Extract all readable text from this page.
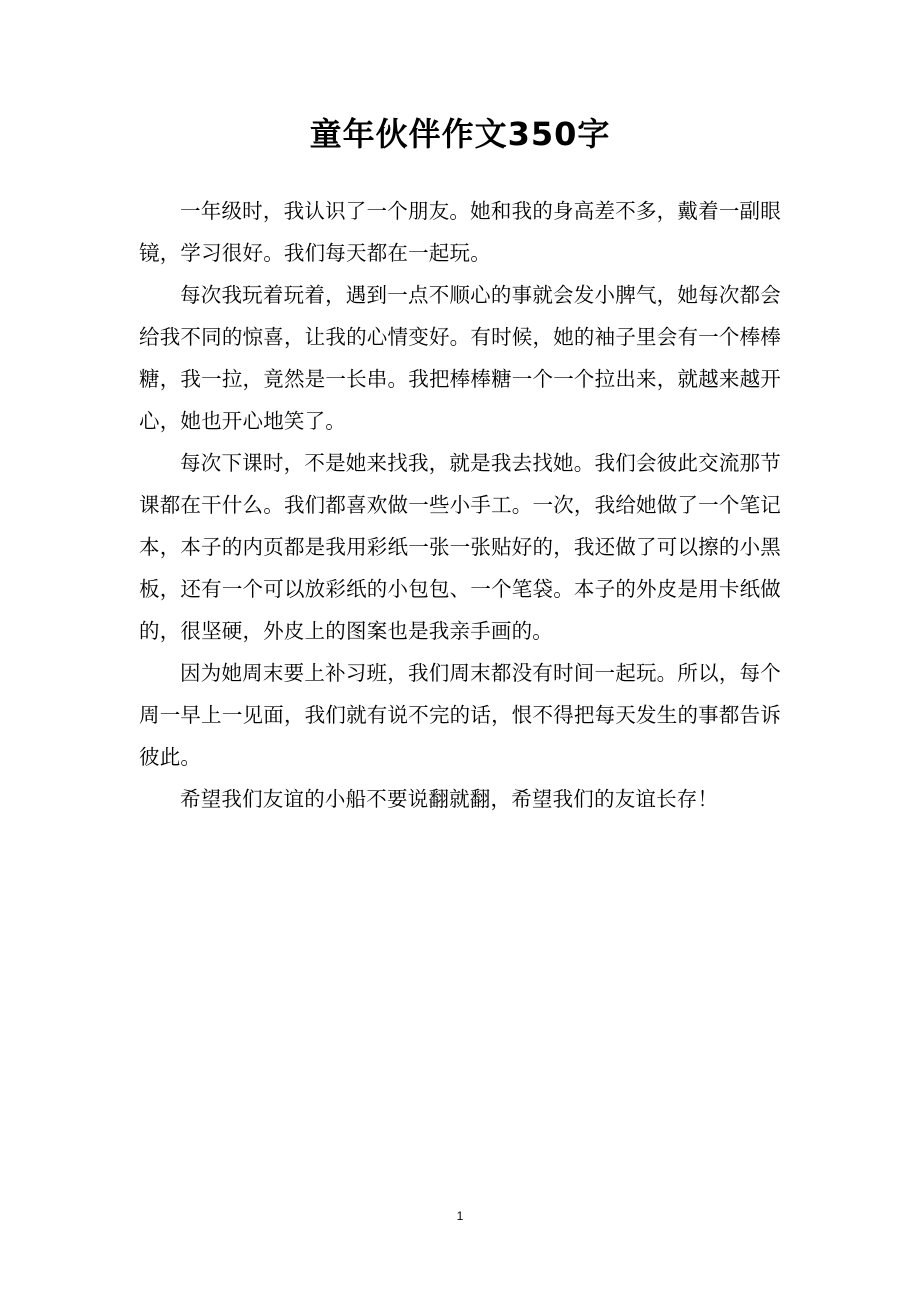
童年伙伴作文350字

一年级时，我认识了一个朋友。她和我的身高差不多，戴着一副眼镜，学习很好。我们每天都在一起玩。

每次我玩着玩着，遇到一点不顺心的事就会发小脾气，她每次都会给我不同的惊喜，让我的心情变好。有时候，她的袖子里会有一个棒棒糖，我一拉，竟然是一长串。我把棒棒糖一个一个拉出来，就越来越开心，她也开心地笑了。

每次下课时，不是她来找我，就是我去找她。我们会彼此交流那节课都在干什么。我们都喜欢做一些小手工。一次，我给她做了一个笔记本，本子的内页都是我用彩纸一张一张贴好的，我还做了可以擦的小黑板，还有一个可以放彩纸的小包包、一个笔袋。本子的外皮是用卡纸做的，很坚硬，外皮上的图案也是我亲手画的。

因为她周末要上补习班，我们周末都没有时间一起玩。所以，每个周一早上一见面，我们就有说不完的话，恨不得把每天发生的事都告诉彼此。

希望我们友谊的小船不要说翻就翻，希望我们的友谊长存！

1
